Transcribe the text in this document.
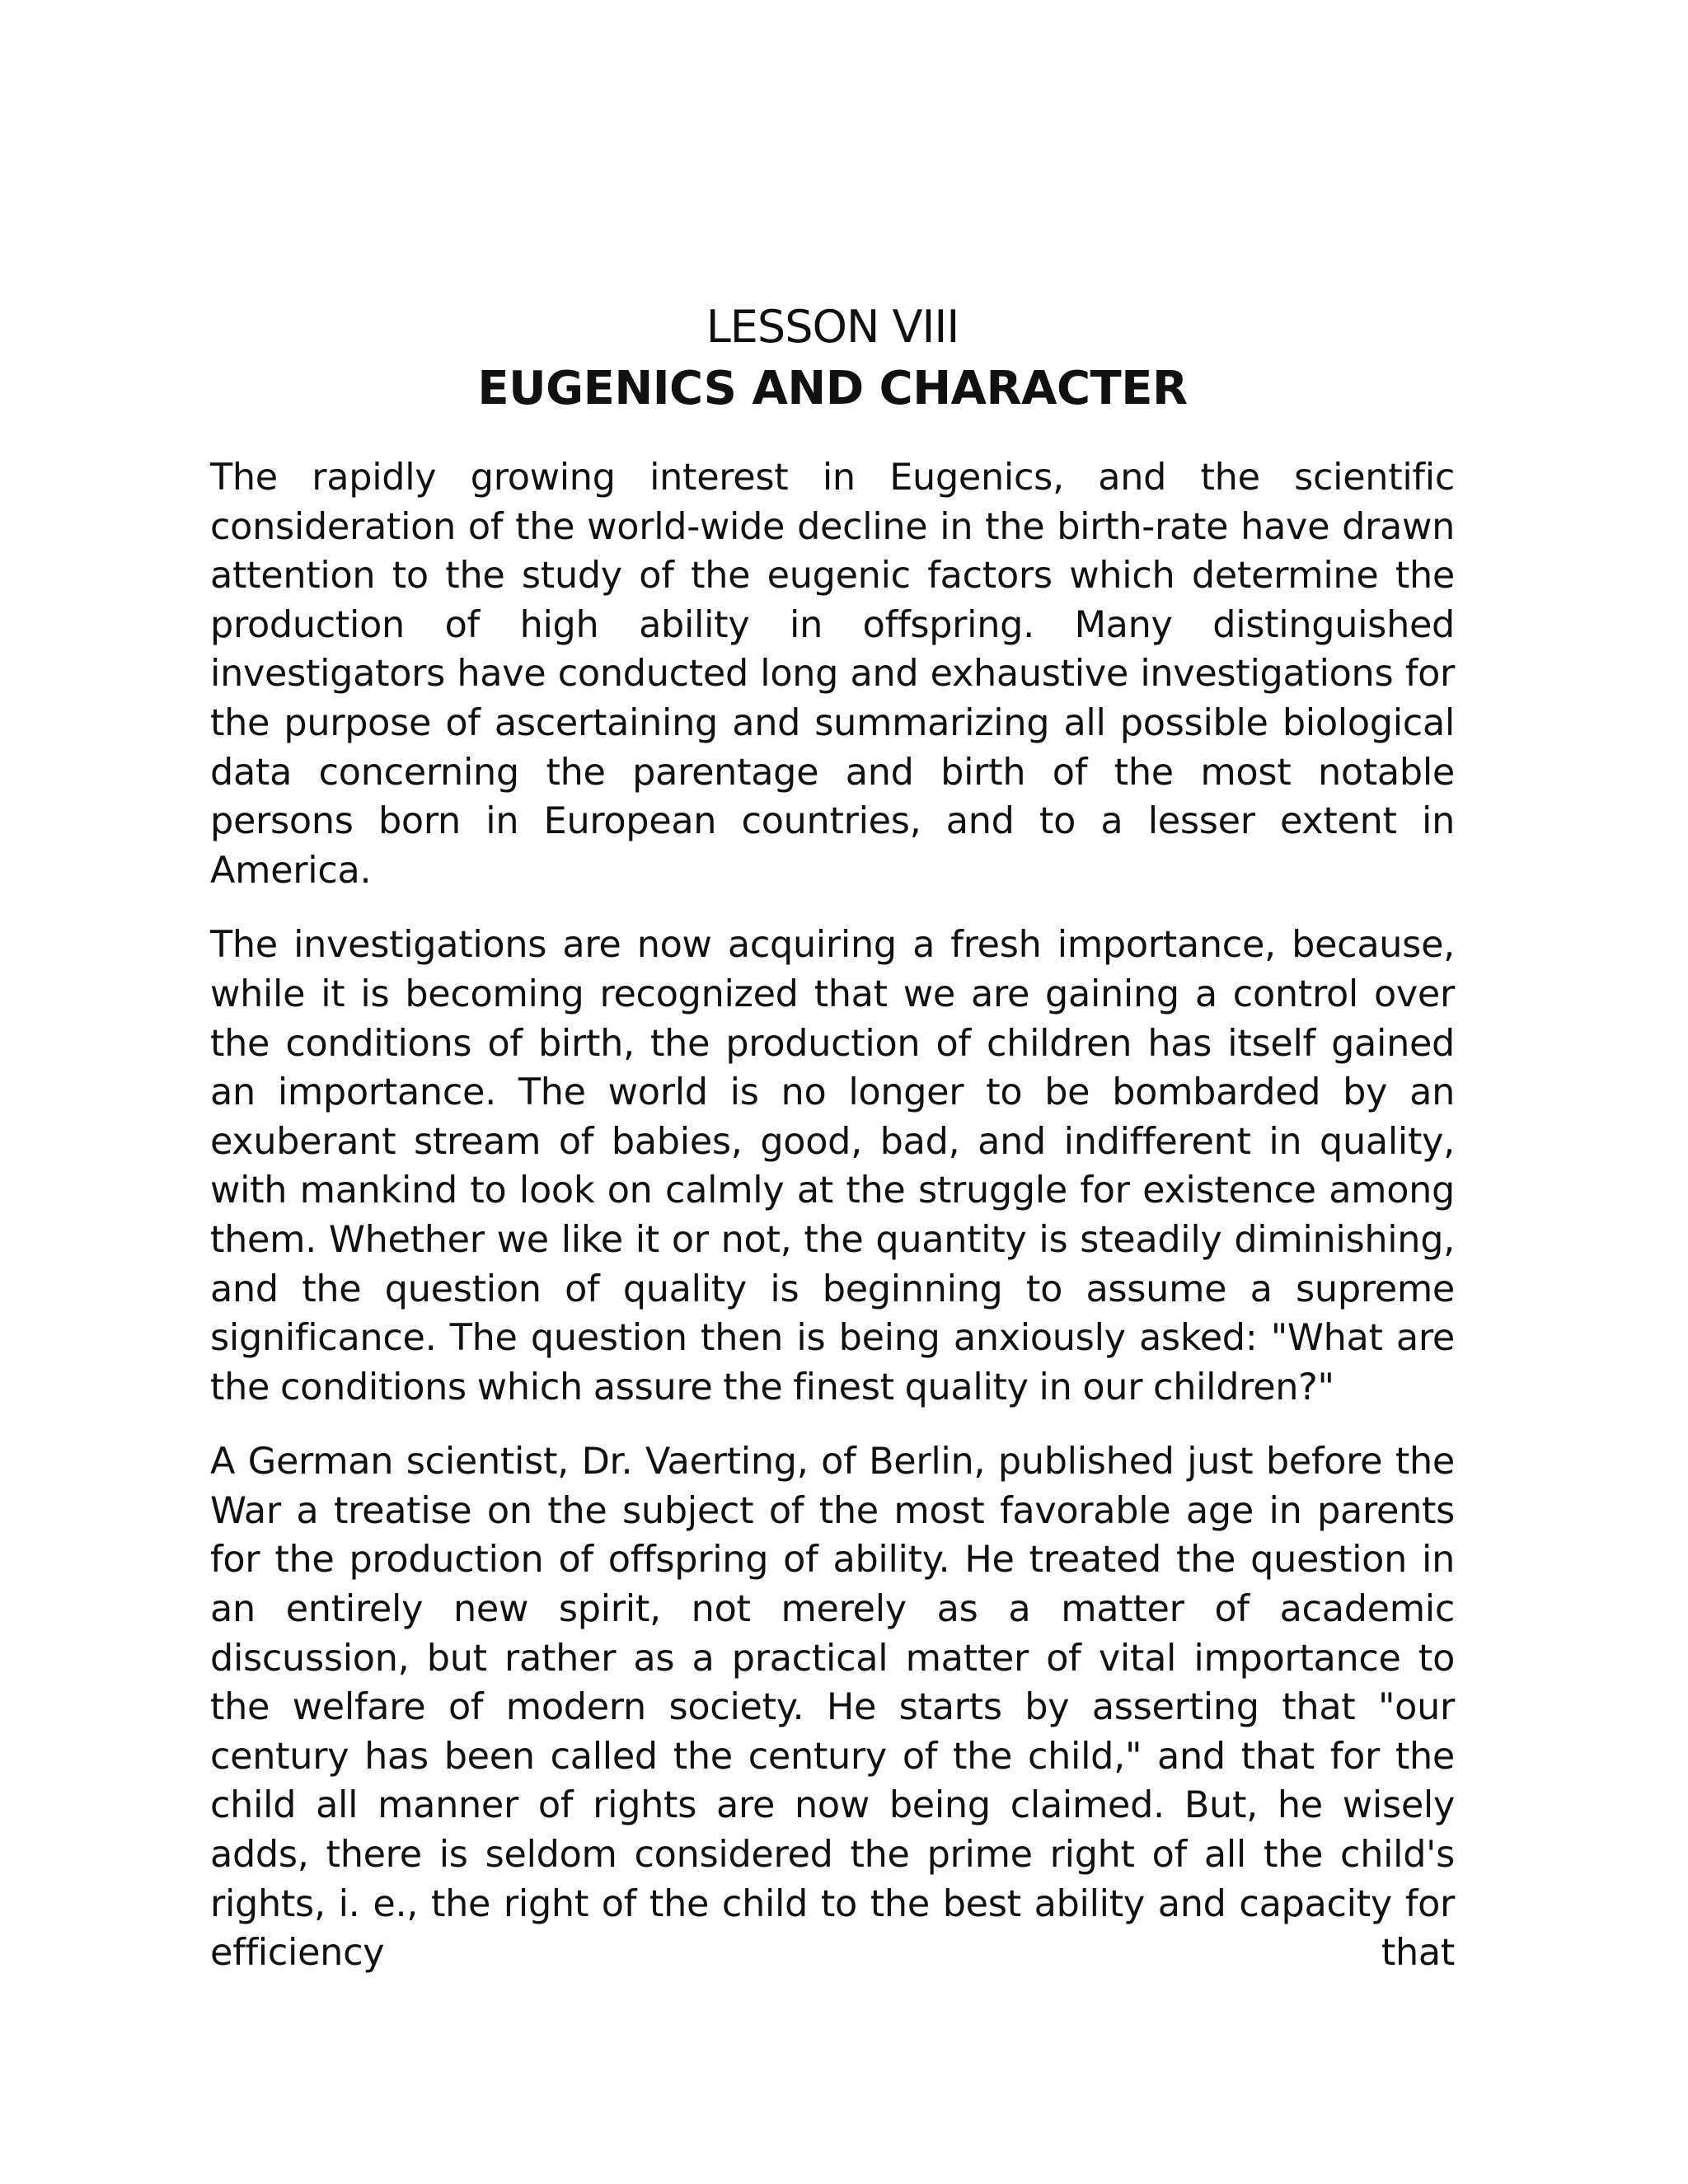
LESSON VIII
EUGENICS AND CHARACTER

The rapidly growing interest in Eugenics, and the scientific consideration of the world-wide decline in the birth-rate have drawn attention to the study of the eugenic factors which determine the production of high ability in offspring. Many distinguished investigators have conducted long and exhaustive investigations for the purpose of ascertaining and summarizing all possible biological data concerning the parentage and birth of the most notable persons born in European countries, and to a lesser extent in America.

The investigations are now acquiring a fresh importance, because, while it is becoming recognized that we are gaining a control over the conditions of birth, the production of children has itself gained an importance. The world is no longer to be bombarded by an exuberant stream of babies, good, bad, and indifferent in quality, with mankind to look on calmly at the struggle for existence among them. Whether we like it or not, the quantity is steadily diminishing, and the question of quality is beginning to assume a supreme significance. The question then is being anxiously asked: "What are the conditions which assure the finest quality in our children?"

A German scientist, Dr. Vaerting, of Berlin, published just before the War a treatise on the subject of the most favorable age in parents for the production of offspring of ability. He treated the question in an entirely new spirit, not merely as a matter of academic discussion, but rather as a practical matter of vital importance to the welfare of modern society. He starts by asserting that "our century has been called the century of the child," and that for the child all manner of rights are now being claimed. But, he wisely adds, there is seldom considered the prime right of all the child's rights, i. e., the right of the child to the best ability and capacity for efficiency that
